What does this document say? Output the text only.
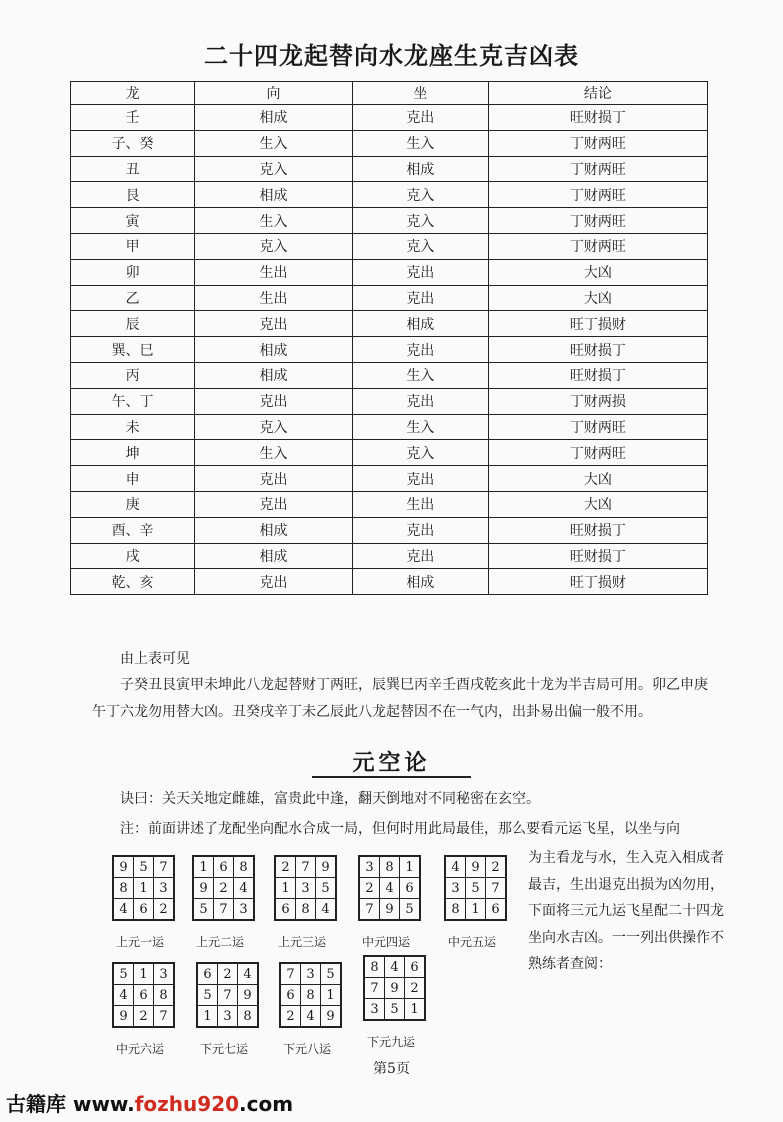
二十四龙起替向水龙座生克吉凶表
龙	向	坐	结论
壬	相成	克出	旺财损丁
子、癸	生入	生入	丁财两旺
丑	克入	相成	丁财两旺
艮	相成	克入	丁财两旺
寅	生入	克入	丁财两旺
甲	克入	克入	丁财两旺
卯	生出	克出	大凶
乙	生出	克出	大凶
辰	克出	相成	旺丁损财
巽、巳	相成	克出	旺财损丁
丙	相成	生入	旺财损丁
午、丁	克出	克出	丁财两损
未	克入	生入	丁财两旺
坤	生入	克入	丁财两旺
申	克出	克出	大凶
庚	克出	生出	大凶
酉、辛	相成	克出	旺财损丁
戌	相成	克出	旺财损丁
乾、亥	克出	相成	旺丁损财
由上表可见
子癸丑艮寅甲未坤此八龙起替财丁两旺，辰巽巳丙辛壬酉戌乾亥此十龙为半吉局可用。卯乙申庚午丁六龙勿用替大凶。丑癸戌辛丁未乙辰此八龙起替因不在一气内，出卦易出偏一般不用。
元空论
诀曰：关天关地定雌雄，富贵此中逢，翻天倒地对不同秘密在玄空。
注：前面讲述了龙配坐向配水合成一局，但何时用此局最佳，那么要看元运飞星，以坐与向
为主看龙与水，生入克入相成者最吉，生出退克出损为凶勿用，下面将三元九运飞星配二十四龙坐向水吉凶。一一列出供操作不熟练者查阅：
9	5	7
8	1	3
4	6	2
上元一运
1	6	8
9	2	4
5	7	3
上元二运
2	7	9
1	3	5
6	8	4
上元三运
3	8	1
2	4	6
7	9	5
中元四运
4	9	2
3	5	7
8	1	6
中元五运
5	1	3
4	6	8
9	2	7
中元六运
6	2	4
5	7	9
1	3	8
下元七运
7	3	5
6	8	1
2	4	9
下元八运
8	4	6
7	9	2
3	5	1
下元九运
第5页
古籍库 www.fozhu920.com
